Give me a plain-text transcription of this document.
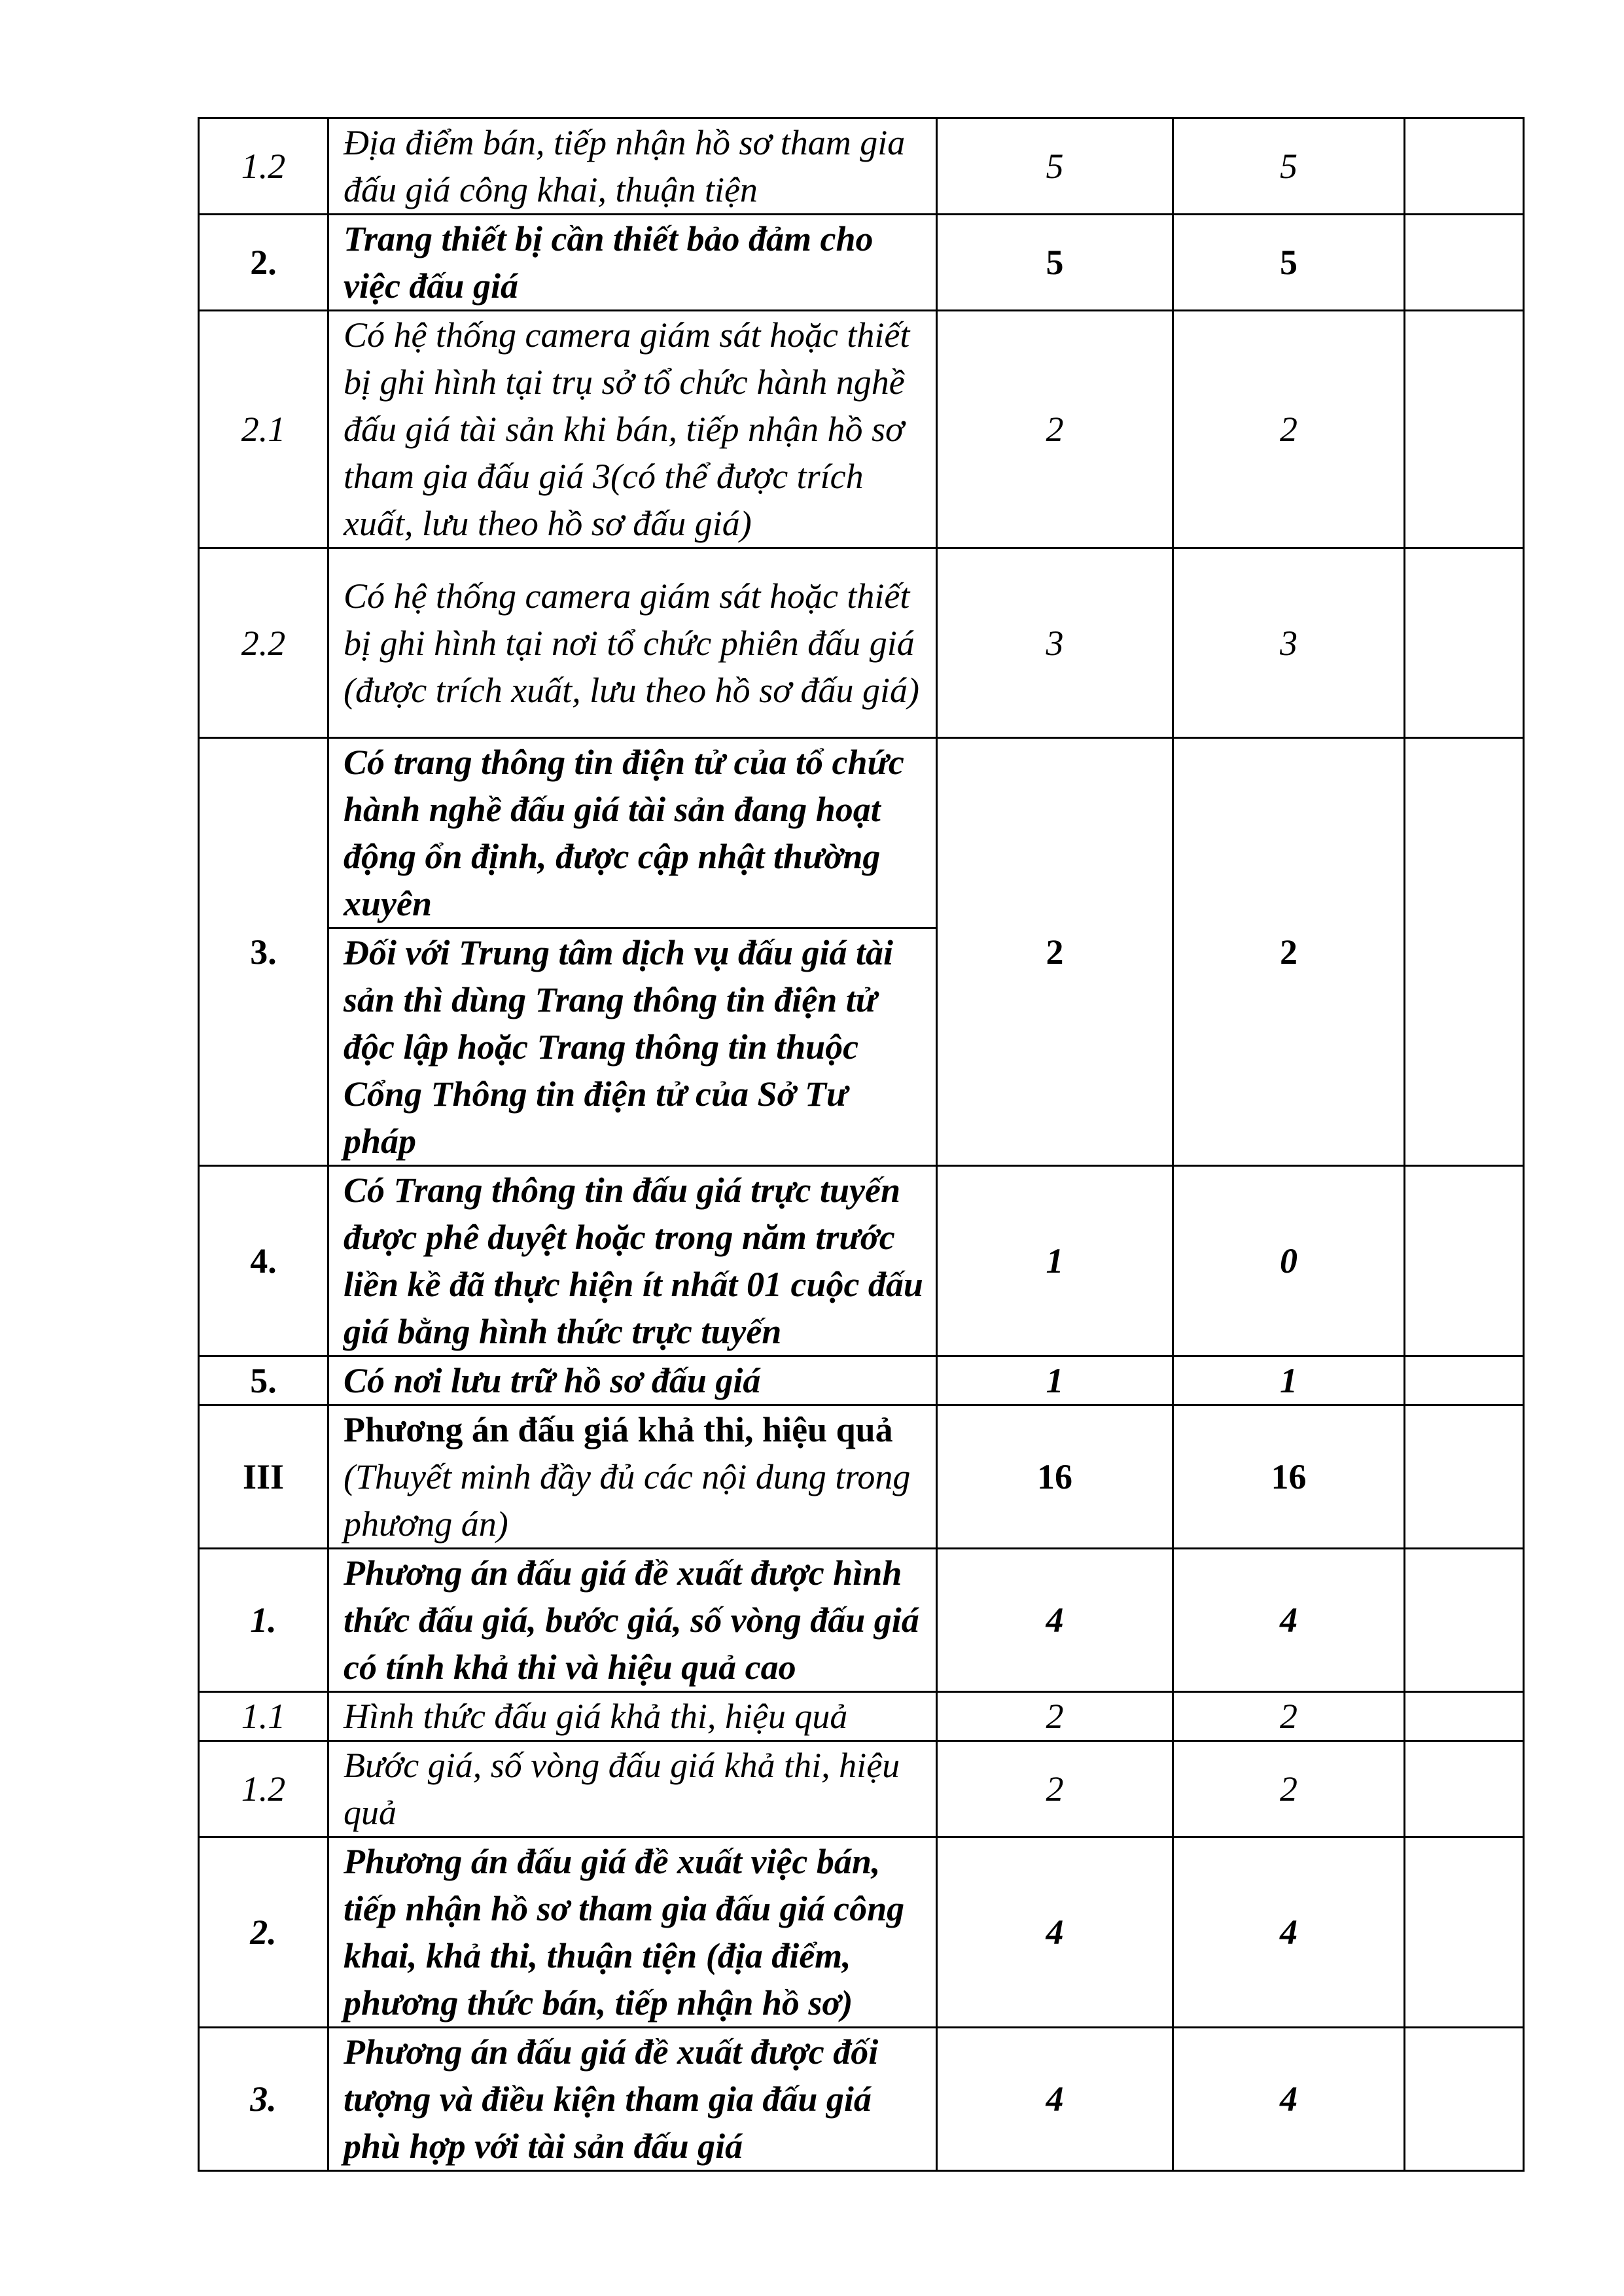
1.2	Địa điểm bán, tiếp nhận hồ sơ tham gia đấu giá công khai, thuận tiện	5	5	
2.	Trang thiết bị cần thiết bảo đảm cho việc đấu giá	5	5	
2.1	Có hệ thống camera giám sát hoặc thiết bị ghi hình tại trụ sở tổ chức hành nghề đấu giá tài sản khi bán, tiếp nhận hồ sơ tham gia đấu giá 3(có thể được trích xuất, lưu theo hồ sơ đấu giá)	2	2	
2.2	Có hệ thống camera giám sát hoặc thiết bị ghi hình tại nơi tổ chức phiên đấu giá (được trích xuất, lưu theo hồ sơ đấu giá)	3	3	
3.	Có trang thông tin điện tử của tổ chức hành nghề đấu giá tài sản đang hoạt động ổn định, được cập nhật thường xuyên	2	2	
	Đối với Trung tâm dịch vụ đấu giá tài sản thì dùng Trang thông tin điện tử độc lập hoặc Trang thông tin thuộc Cổng Thông tin điện tử của Sở Tư pháp			
4.	Có Trang thông tin đấu giá trực tuyến được phê duyệt hoặc trong năm trước liền kề đã thực hiện ít nhất 01 cuộc đấu giá bằng hình thức trực tuyến	1	0	
5.	Có nơi lưu trữ hồ sơ đấu giá	1	1	
III	Phương án đấu giá khả thi, hiệu quả (Thuyết minh đầy đủ các nội dung trong phương án)	16	16	
1.	Phương án đấu giá đề xuất được hình thức đấu giá, bước giá, số vòng đấu giá có tính khả thi và hiệu quả cao	4	4	
1.1	Hình thức đấu giá khả thi, hiệu quả	2	2	
1.2	Bước giá, số vòng đấu giá khả thi, hiệu quả	2	2	
2.	Phương án đấu giá đề xuất việc bán, tiếp nhận hồ sơ tham gia đấu giá công khai, khả thi, thuận tiện (địa điểm, phương thức bán, tiếp nhận hồ sơ)	4	4	
3.	Phương án đấu giá đề xuất được đối tượng và điều kiện tham gia đấu giá phù hợp với tài sản đấu giá	4	4	
